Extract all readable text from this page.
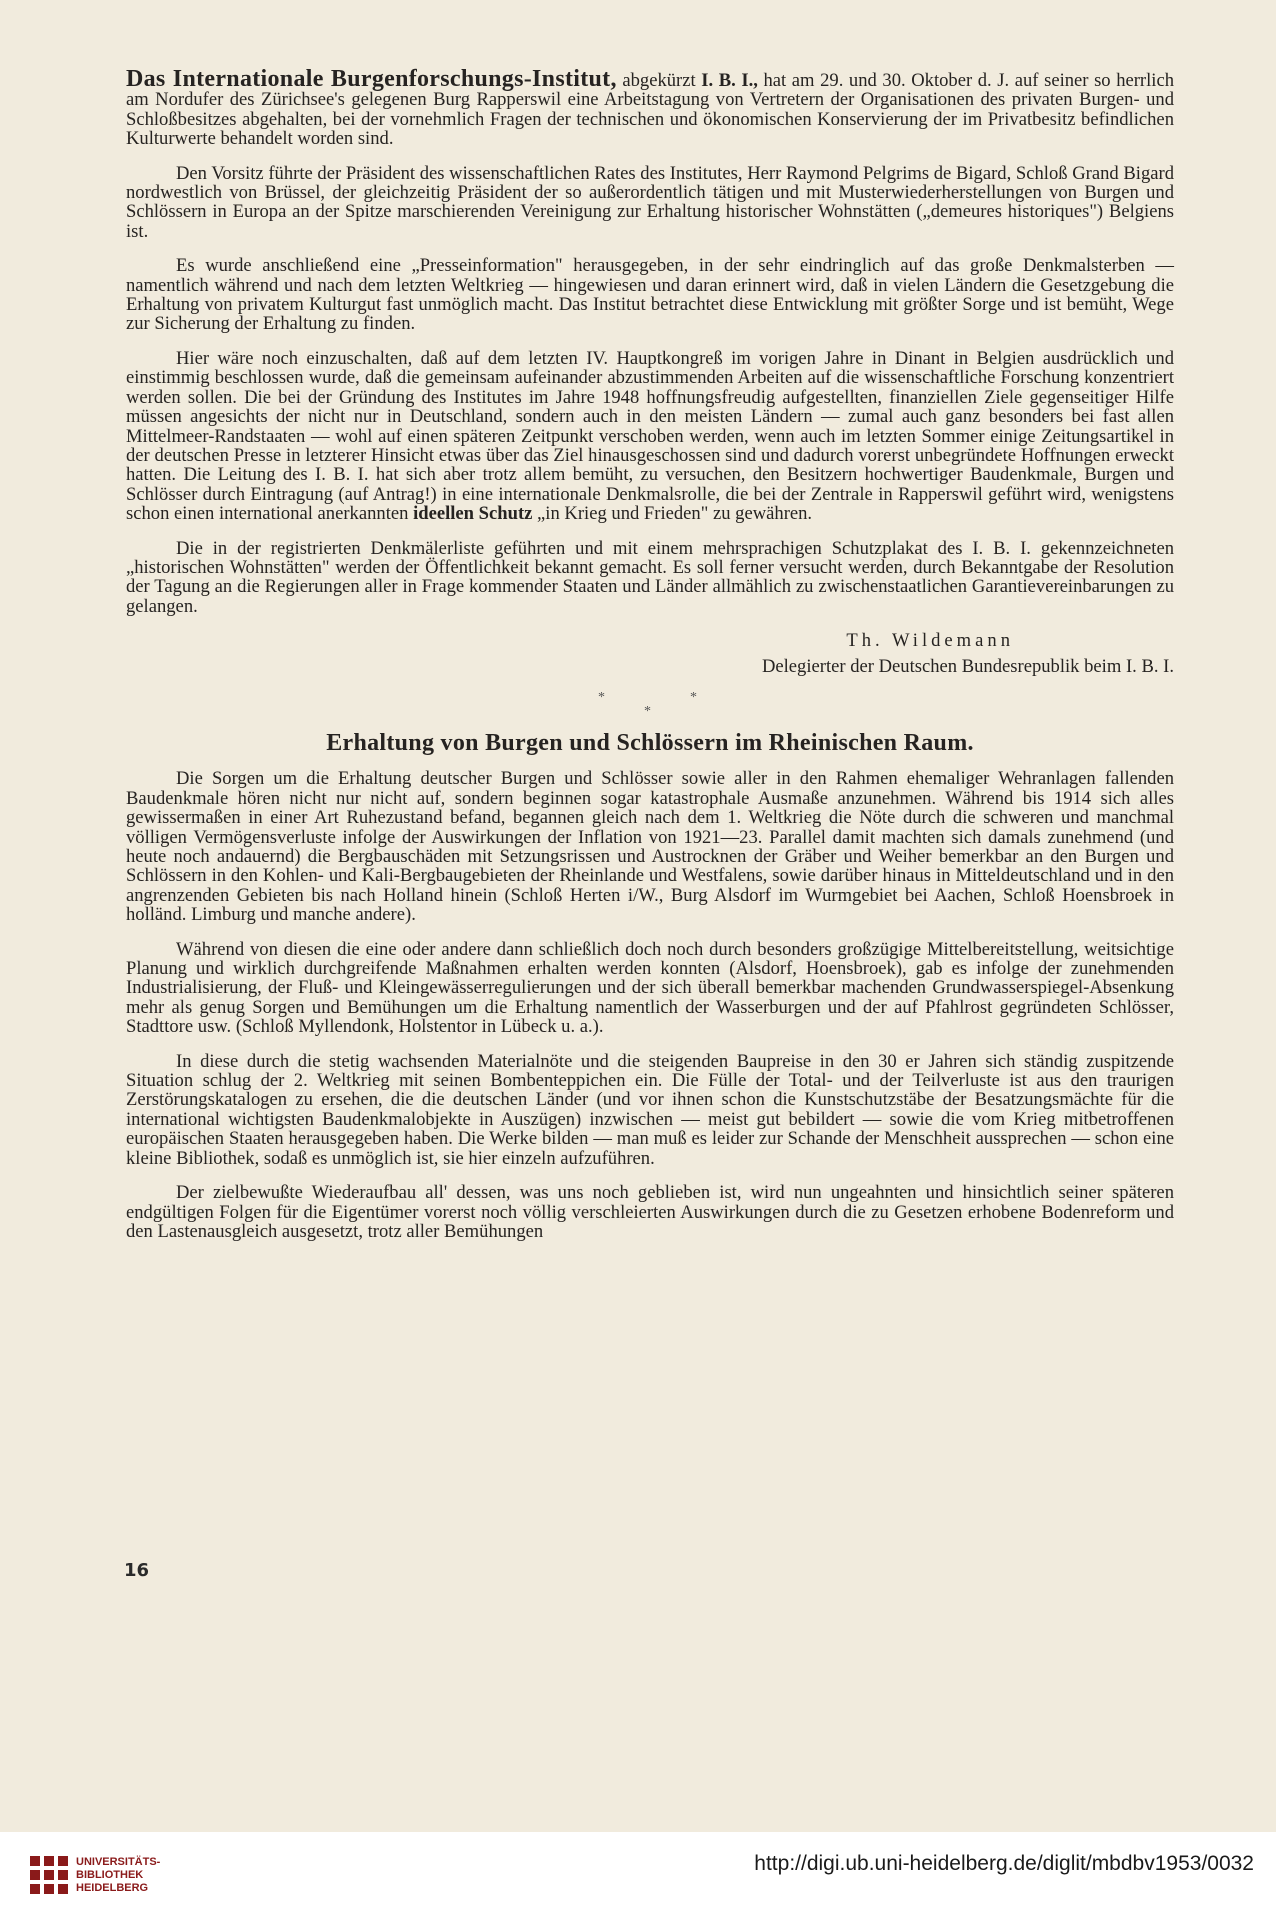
Das Internationale Burgenforschungs-Institut, abgekürzt I. B. I., hat am 29. und 30. Oktober d. J. auf seiner so herrlich am Nordufer des Zürichsee's gelegenen Burg Rapperswil eine Arbeitstagung von Vertretern der Organisationen des privaten Burgen- und Schloßbesitzes abgehalten, bei der vornehmlich Fragen der technischen und ökonomischen Konservierung der im Privatbesitz befindlichen Kulturwerte behandelt worden sind.

Den Vorsitz führte der Präsident des wissenschaftlichen Rates des Institutes, Herr Raymond Pelgrims de Bigard, Schloß Grand Bigard nordwestlich von Brüssel, der gleichzeitig Präsident der so außerordentlich tätigen und mit Musterwiederherstellungen von Burgen und Schlössern in Europa an der Spitze marschierenden Vereinigung zur Erhaltung historischer Wohnstätten („demeures historiques") Belgiens ist.

Es wurde anschließend eine „Presseinformation" herausgegeben, in der sehr eindringlich auf das große Denkmalsterben — namentlich während und nach dem letzten Weltkrieg — hingewiesen und daran erinnert wird, daß in vielen Ländern die Gesetzgebung die Erhaltung von privatem Kulturgut fast unmöglich macht. Das Institut betrachtet diese Entwicklung mit größter Sorge und ist bemüht, Wege zur Sicherung der Erhaltung zu finden.

Hier wäre noch einzuschalten, daß auf dem letzten IV. Hauptkongreß im vorigen Jahre in Dinant in Belgien ausdrücklich und einstimmig beschlossen wurde, daß die gemeinsam aufeinander abzustimmenden Arbeiten auf die wissenschaftliche Forschung konzentriert werden sollen. Die bei der Gründung des Institutes im Jahre 1948 hoffnungsfreudig aufgestellten, finanziellen Ziele gegenseitiger Hilfe müssen angesichts der nicht nur in Deutschland, sondern auch in den meisten Ländern — zumal auch ganz besonders bei fast allen Mittelmeer-Randstaaten — wohl auf einen späteren Zeitpunkt verschoben werden, wenn auch im letzten Sommer einige Zeitungsartikel in der deutschen Presse in letzterer Hinsicht etwas über das Ziel hinausgeschossen sind und dadurch vorerst unbegründete Hoffnungen erweckt hatten. Die Leitung des I. B. I. hat sich aber trotz allem bemüht, zu versuchen, den Besitzern hochwertiger Baudenkmale, Burgen und Schlösser durch Eintragung (auf Antrag!) in eine internationale Denkmalsrolle, die bei der Zentrale in Rapperswil geführt wird, wenigstens schon einen international anerkannten ideellen Schutz „in Krieg und Frieden" zu gewähren.

Die in der registrierten Denkmälerliste geführten und mit einem mehrsprachigen Schutzplakat des I. B. I. gekennzeichneten „historischen Wohnstätten" werden der Öffentlichkeit bekannt gemacht. Es soll ferner versucht werden, durch Bekanntgabe der Resolution der Tagung an die Regierungen aller in Frage kommender Staaten und Länder allmählich zu zwischenstaatlichen Garantievereinbarungen zu gelangen.

Th. Wildemann
Delegierter der Deutschen Bundesrepublik beim I. B. I.
*	*
*
Erhaltung von Burgen und Schlössern im Rheinischen Raum.

Die Sorgen um die Erhaltung deutscher Burgen und Schlösser sowie aller in den Rahmen ehemaliger Wehranlagen fallenden Baudenkmale hören nicht nur nicht auf, sondern beginnen sogar katastrophale Ausmaße anzunehmen. Während bis 1914 sich alles gewissermaßen in einer Art Ruhezustand befand, begannen gleich nach dem 1. Weltkrieg die Nöte durch die schweren und manchmal völligen Vermögensverluste infolge der Auswirkungen der Inflation von 1921—23. Parallel damit machten sich damals zunehmend (und heute noch andauernd) die Bergbauschäden mit Setzungsrissen und Austrocknen der Gräber und Weiher bemerkbar an den Burgen und Schlössern in den Kohlen- und Kali-Bergbaugebieten der Rheinlande und Westfalens, sowie darüber hinaus in Mitteldeutschland und in den angrenzenden Gebieten bis nach Holland hinein (Schloß Herten i/W., Burg Alsdorf im Wurmgebiet bei Aachen, Schloß Hoensbroek in holländ. Limburg und manche andere).

Während von diesen die eine oder andere dann schließlich doch noch durch besonders großzügige Mittelbereitstellung, weitsichtige Planung und wirklich durchgreifende Maßnahmen erhalten werden konnten (Alsdorf, Hoensbroek), gab es infolge der zunehmenden Industrialisierung, der Fluß- und Kleingewässerregulierungen und der sich überall bemerkbar machenden Grundwasserspiegel-Absenkung mehr als genug Sorgen und Bemühungen um die Erhaltung namentlich der Wasserburgen und der auf Pfahlrost gegründeten Schlösser, Stadttore usw. (Schloß Myllendonk, Holstentor in Lübeck u. a.).

In diese durch die stetig wachsenden Materialnöte und die steigenden Baupreise in den 30 er Jahren sich ständig zuspitzende Situation schlug der 2. Weltkrieg mit seinen Bombenteppichen ein. Die Fülle der Total- und der Teilverluste ist aus den traurigen Zerstörungskatalogen zu ersehen, die die deutschen Länder (und vor ihnen schon die Kunstschutzstäbe der Besatzungsmächte für die international wichtigsten Baudenkmalobjekte in Auszügen) inzwischen — meist gut bebildert — sowie die vom Krieg mitbetroffenen europäischen Staaten herausgegeben haben. Die Werke bilden — man muß es leider zur Schande der Menschheit aussprechen — schon eine kleine Bibliothek, sodaß es unmöglich ist, sie hier einzeln aufzuführen.

Der zielbewußte Wiederaufbau all' dessen, was uns noch geblieben ist, wird nun ungeahnten und hinsichtlich seiner späteren endgültigen Folgen für die Eigentümer vorerst noch völlig verschleierten Auswirkungen durch die zu Gesetzen erhobene Bodenreform und den Lastenausgleich ausgesetzt, trotz aller Bemühungen

16
UNIVERSITÄTS-
BIBLIOTHEK
HEIDELBERG
http://digi.ub.uni-heidelberg.de/diglit/mbdbv1953/0032
